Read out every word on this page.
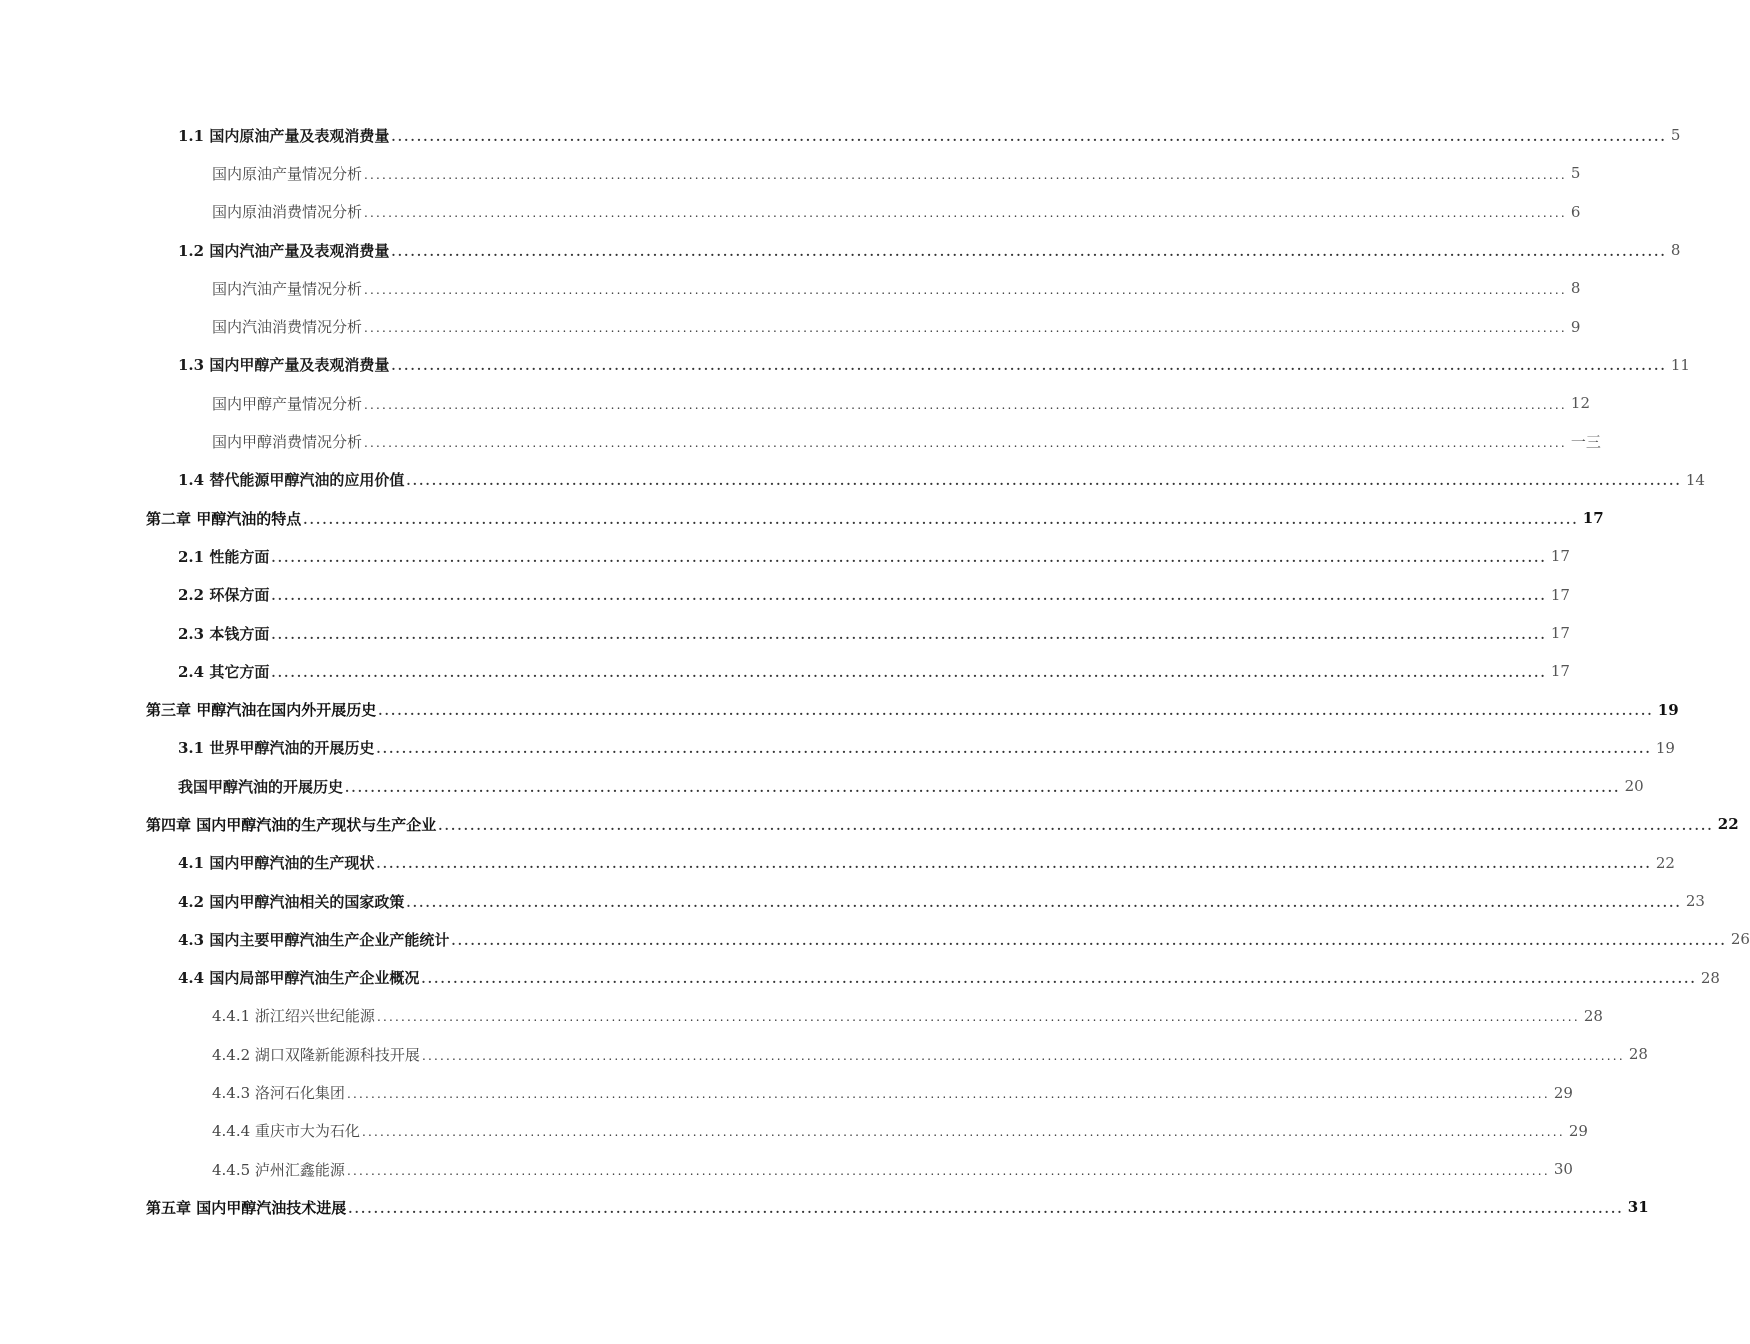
1.1 国内原油产量及表观消费量 ........................................................................................................................................................................................................ 5
国内原油产量情况分析 ........................................................................................................................................................................................................ 5
国内原油消费情况分析 ........................................................................................................................................................................................................ 6
1.2 国内汽油产量及表观消费量 ........................................................................................................................................................................................................ 8
国内汽油产量情况分析 ........................................................................................................................................................................................................ 8
国内汽油消费情况分析 ........................................................................................................................................................................................................ 9
1.3 国内甲醇产量及表观消费量 ........................................................................................................................................................................................................ 11
国内甲醇产量情况分析 ........................................................................................................................................................................................................ 12
国内甲醇消费情况分析 ........................................................................................................................................................................................................ 一三
1.4 替代能源甲醇汽油的应用价值 ........................................................................................................................................................................................................ 14
第二章 甲醇汽油的特点 ........................................................................................................................................................................................................ 17
2.1 性能方面 ........................................................................................................................................................................................................ 17
2.2 环保方面 ........................................................................................................................................................................................................ 17
2.3 本钱方面 ........................................................................................................................................................................................................ 17
2.4 其它方面 ........................................................................................................................................................................................................ 17
第三章 甲醇汽油在国内外开展历史 ........................................................................................................................................................................................................ 19
3.1 世界甲醇汽油的开展历史 ........................................................................................................................................................................................................ 19
我国甲醇汽油的开展历史 ........................................................................................................................................................................................................ 20
第四章 国内甲醇汽油的生产现状与生产企业 ........................................................................................................................................................................................................ 22
4.1 国内甲醇汽油的生产现状 ........................................................................................................................................................................................................ 22
4.2 国内甲醇汽油相关的国家政策 ........................................................................................................................................................................................................ 23
4.3 国内主要甲醇汽油生产企业产能统计 ........................................................................................................................................................................................................ 26
4.4 国内局部甲醇汽油生产企业概况 ........................................................................................................................................................................................................ 28
4.4.1 浙江绍兴世纪能源 ........................................................................................................................................................................................................ 28
4.4.2 湖口双隆新能源科技开展 ........................................................................................................................................................................................................ 28
4.4.3 洛河石化集团 ........................................................................................................................................................................................................ 29
4.4.4 重庆市大为石化 ........................................................................................................................................................................................................ 29
4.4.5 泸州汇鑫能源 ........................................................................................................................................................................................................ 30
第五章 国内甲醇汽油技术进展 ........................................................................................................................................................................................................ 31
